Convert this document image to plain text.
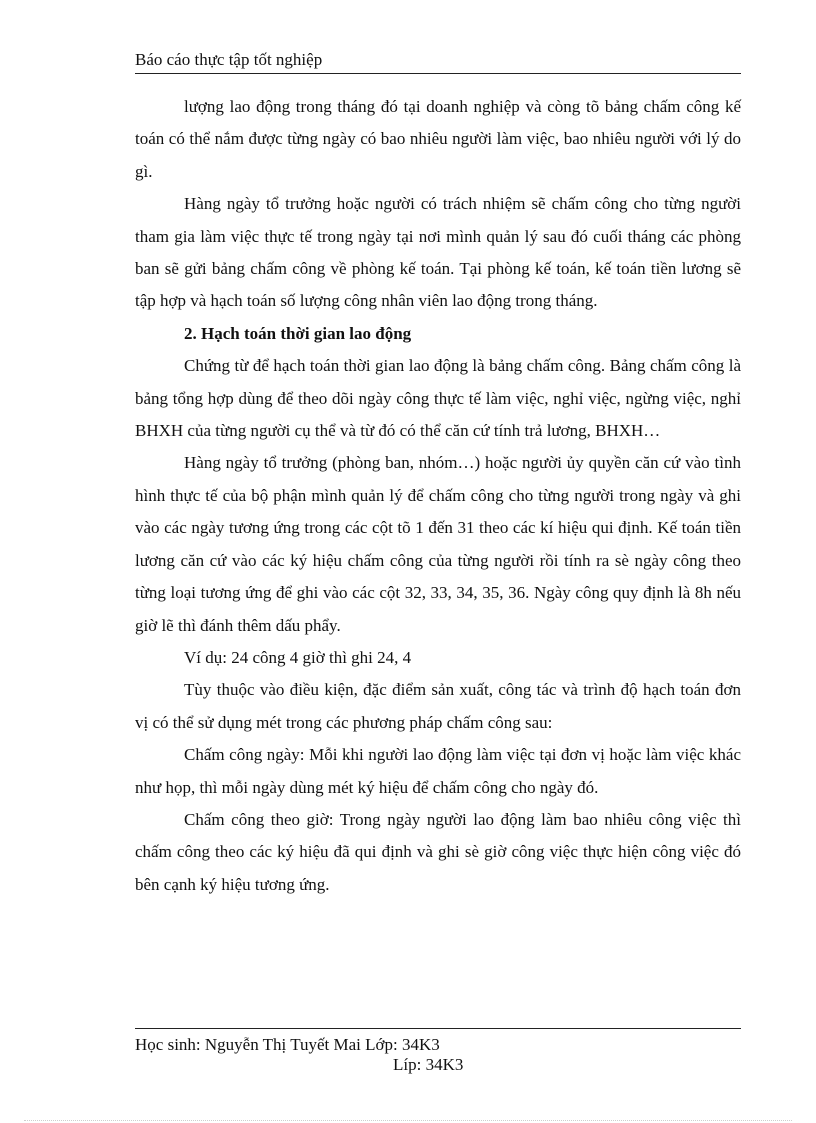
Báo cáo thực tập tốt nghiệp

lượng lao động trong tháng đó tại doanh nghiệp và còng tõ bảng chấm công kế toán có thể nắm được từng ngày có bao nhiêu người làm việc, bao nhiêu người với lý do gì.

Hàng ngày tổ trưởng hoặc người có trách nhiệm sẽ chấm công cho từng người tham gia làm việc thực tế trong ngày tại nơi mình quản lý sau đó cuối tháng các phòng ban sẽ gửi bảng chấm công về phòng kế toán. Tại phòng kế toán, kế toán tiền lương sẽ tập hợp và hạch toán số lượng công nhân viên lao động trong tháng.

2. Hạch toán thời gian lao động

Chứng từ để hạch toán thời gian lao động là bảng chấm công. Bảng chấm công là bảng tổng hợp dùng để theo dõi ngày công thực tế làm việc, nghỉ việc, ngừng việc, nghỉ BHXH của từng người cụ thể và từ đó có thể căn cứ tính trả lương, BHXH…

Hàng ngày tổ trưởng (phòng ban, nhóm…) hoặc người ủy quyền căn cứ vào tình hình thực tế của bộ phận mình quản lý để chấm công cho từng người trong ngày và ghi vào các ngày tương ứng trong các cột tõ 1 đến 31 theo các kí hiệu qui định. Kế toán tiền lương căn cứ vào các ký hiệu chấm công của từng người rồi tính ra sè ngày công theo từng loại tương ứng để ghi vào các cột 32, 33, 34, 35, 36. Ngày công quy định là 8h nếu giờ lẽ thì đánh thêm dấu phẩy.

Ví dụ: 24 công 4 giờ thì ghi 24, 4

Tùy thuộc vào điều kiện, đặc điểm sản xuất, công tác và trình độ hạch toán đơn vị có thể sử dụng mét trong các phương pháp chấm công sau:

Chấm công ngày: Mỗi khi người lao động làm việc tại đơn vị hoặc làm việc khác như họp, thì mỗi ngày dùng mét ký hiệu để chấm công cho ngày đó.

Chấm công theo giờ: Trong ngày người lao động làm bao nhiêu công việc thì chấm công theo các ký hiệu đã qui định và ghi sè giờ công việc thực hiện công việc đó bên cạnh ký hiệu tương ứng.

Học sinh: Nguyễn Thị Tuyết Mai Lớp: 34K3
Líp: 34K3
